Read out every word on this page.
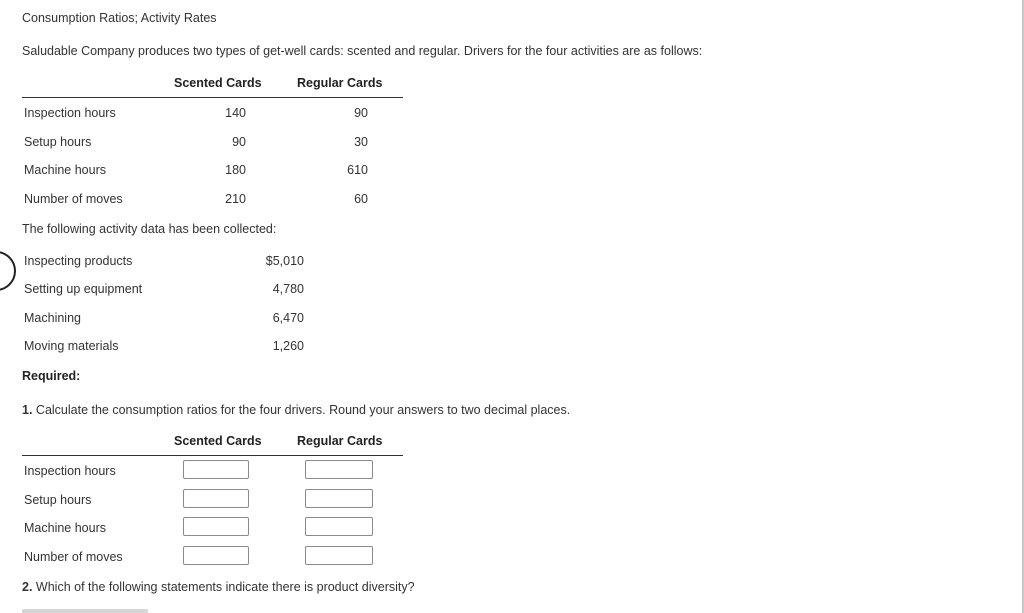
Consumption Ratios; Activity Rates
Saludable Company produces two types of get-well cards: scented and regular. Drivers for the four activities are as follows:
Scented Cards	Regular Cards
Inspection hours	140	90
Setup hours	90	30
Machine hours	180	610
Number of moves	210	60
The following activity data has been collected:
Inspecting products	$5,010
Setting up equipment	4,780
Machining	6,470
Moving materials	1,260
Required:
1. Calculate the consumption ratios for the four drivers. Round your answers to two decimal places.
Scented Cards	Regular Cards
Inspection hours
Setup hours
Machine hours
Number of moves
2. Which of the following statements indicate there is product diversity?
